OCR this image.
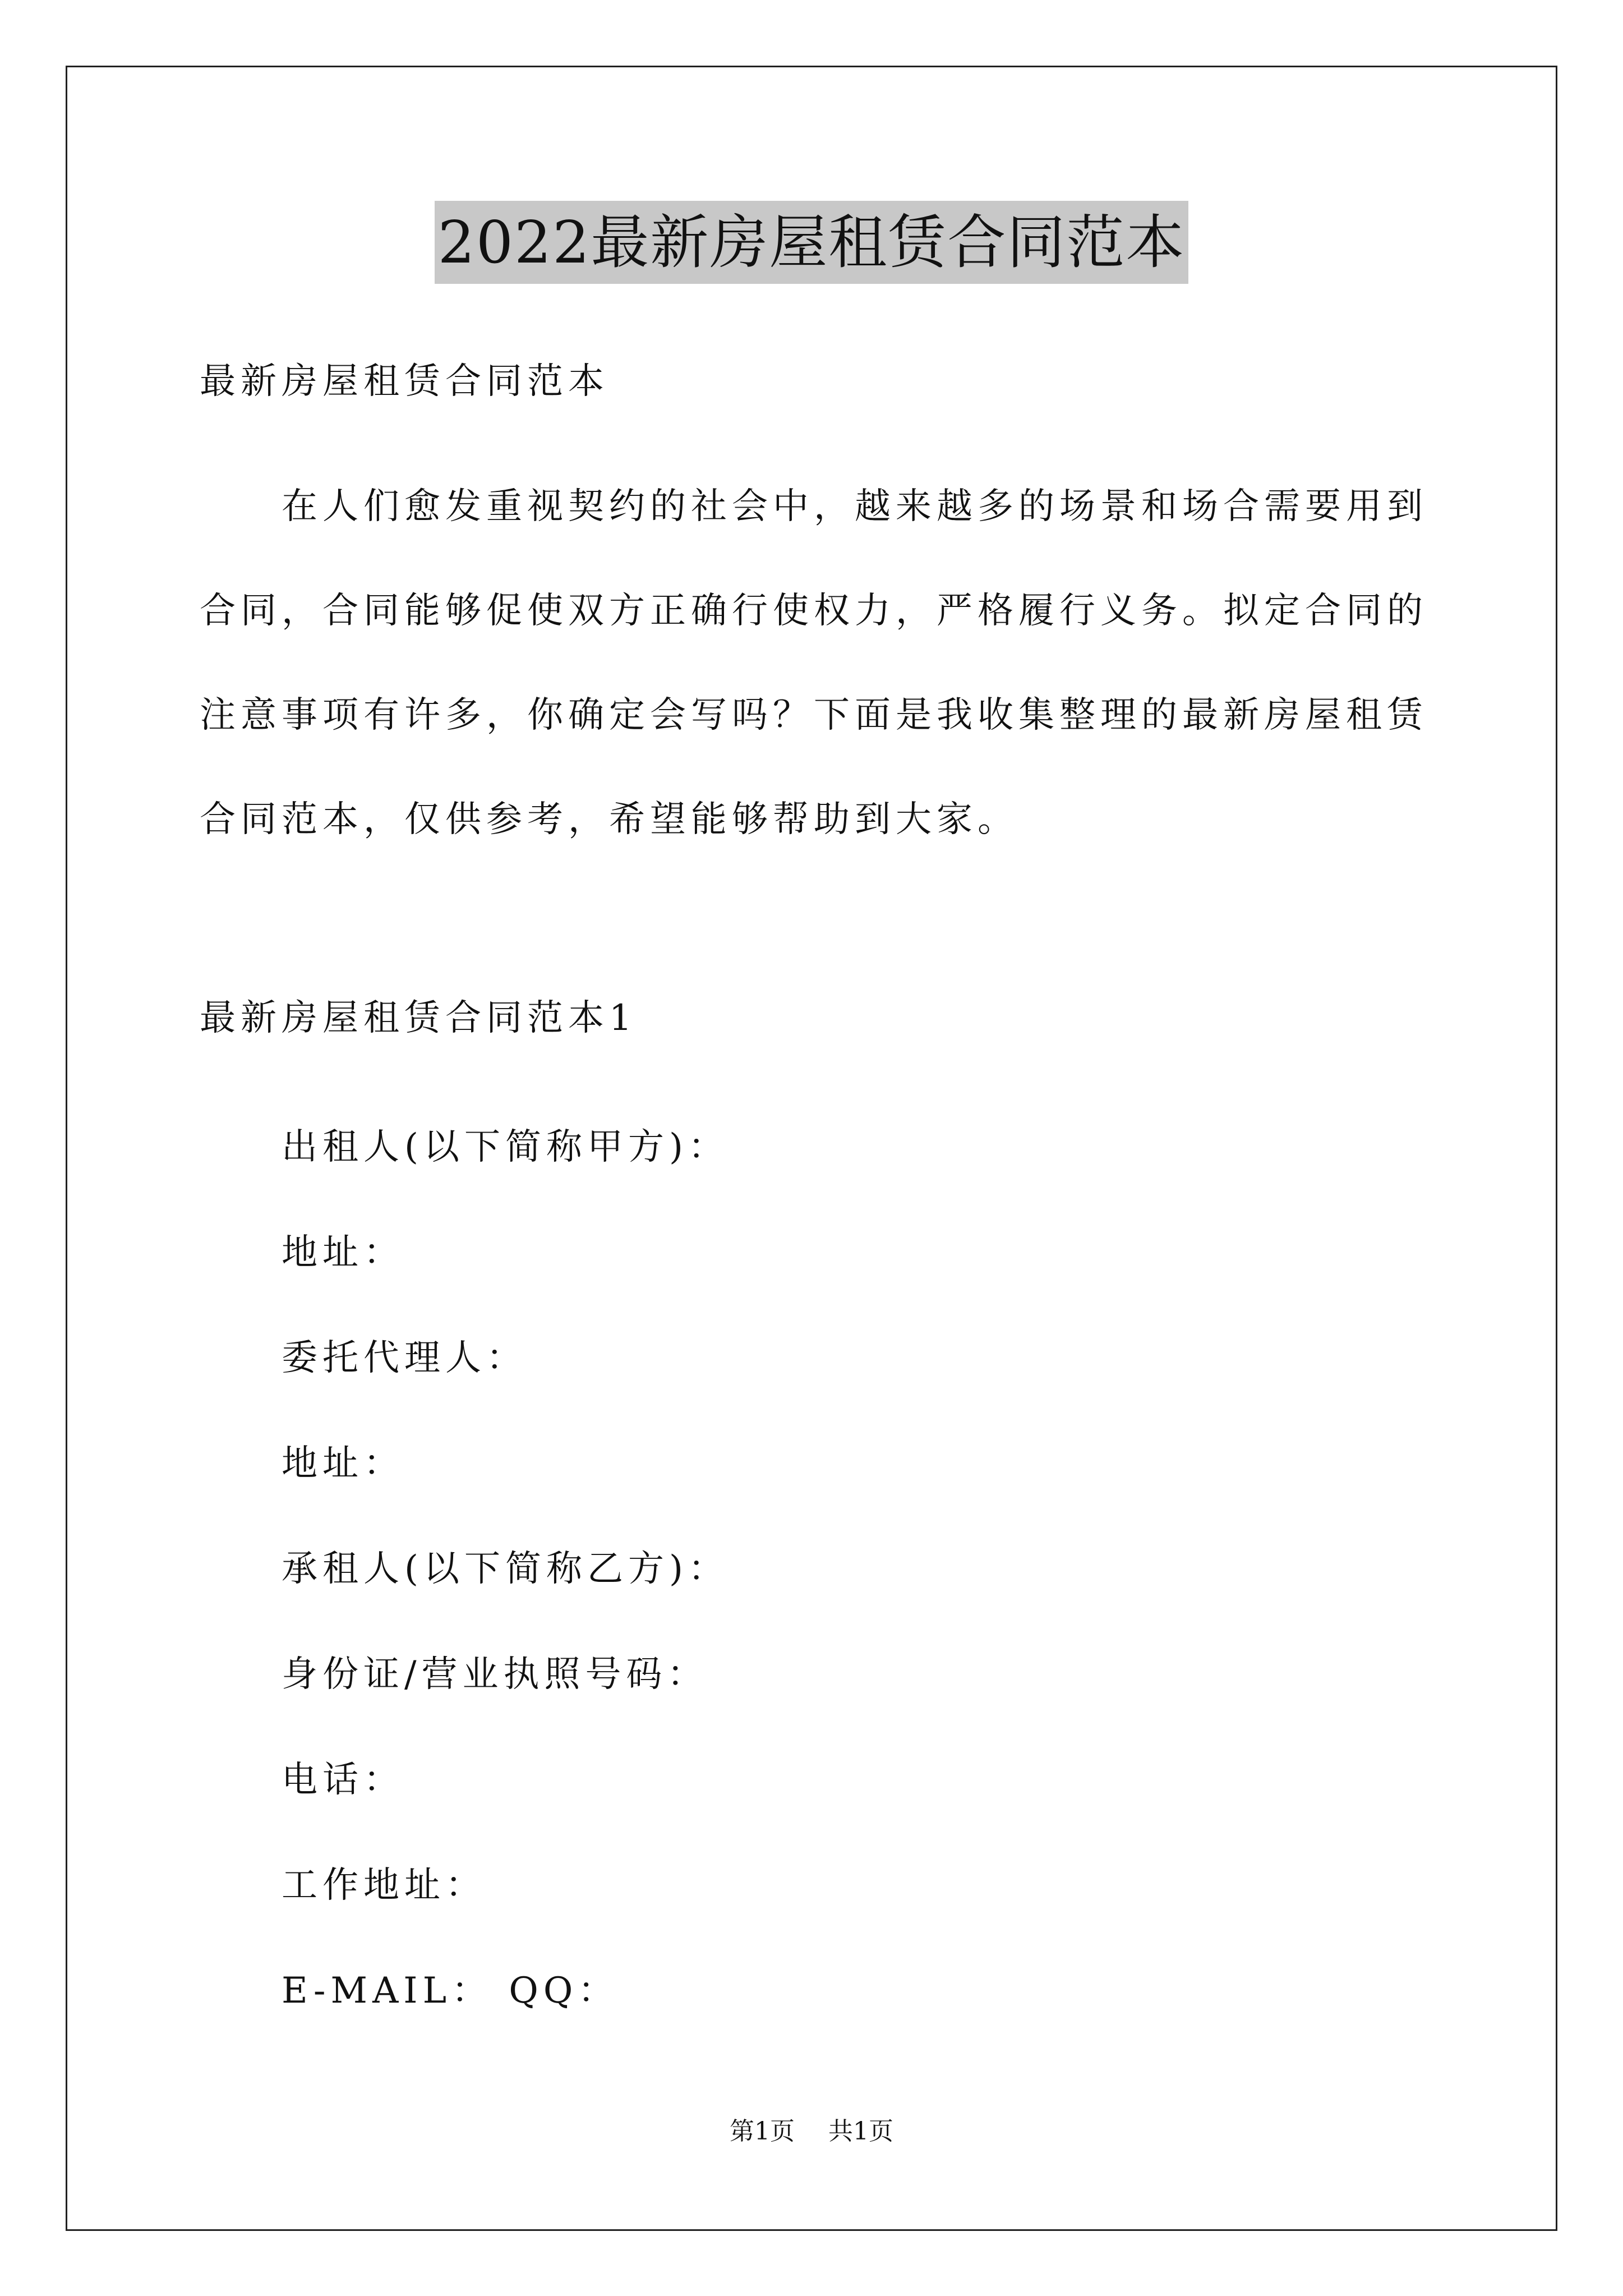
2022最新房屋租赁合同范本
最新房屋租赁合同范本
在人们愈发重视契约的社会中，越来越多的场景和场合需要用到
合同，合同能够促使双方正确行使权力，严格履行义务。拟定合同的
注意事项有许多，你确定会写吗？下面是我收集整理的最新房屋租赁
合同范本，仅供参考，希望能够帮助到大家。
最新房屋租赁合同范本1
出租人(以下简称甲方)：
地址：
委托代理人：
地址：
承租人(以下简称乙方)：
身份证/营业执照号码：
电话：
工作地址：
E-MAIL： QQ：
第1页 共1页
